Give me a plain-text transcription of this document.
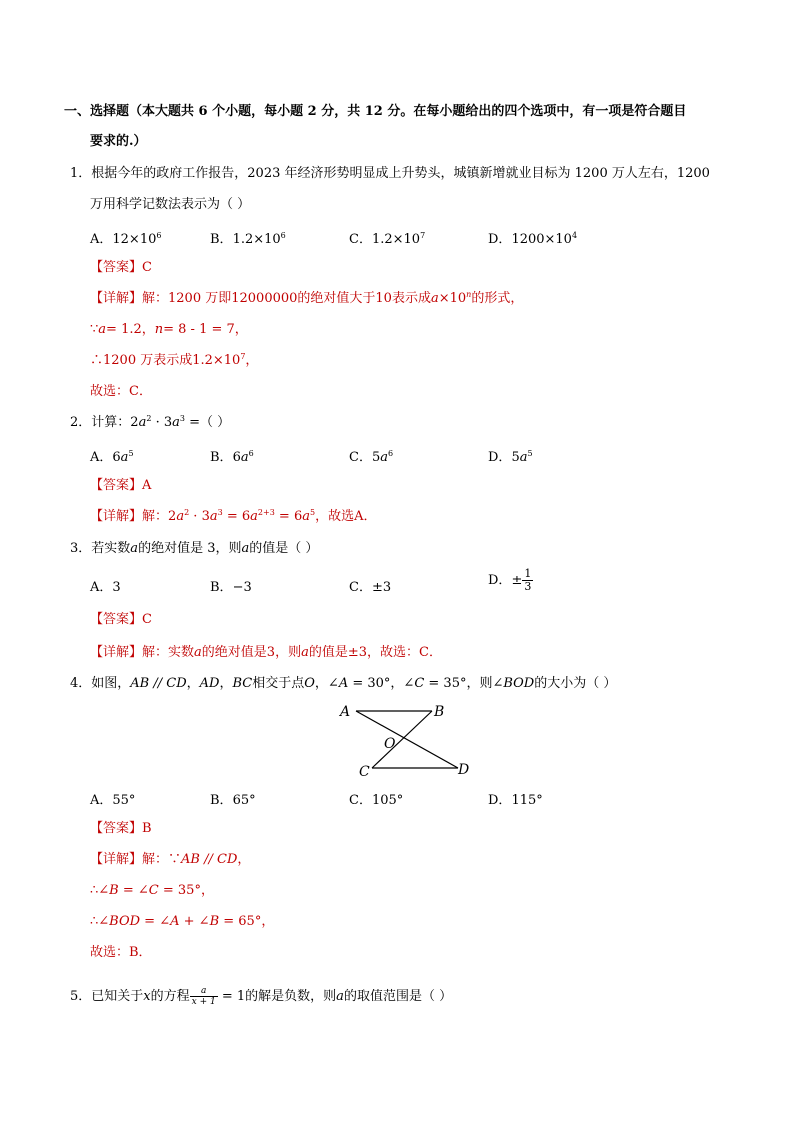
一、选择题（本大题共 6 个小题，每小题 2 分，共 12 分。在每小题给出的四个选项中，有一项是符合题目
要求的.）
1．根据今年的政府工作报告，2023 年经济形势明显成上升势头，城镇新增就业目标为 1200 万人左右，1200
万用科学记数法表示为（ ）
A．$12\times 10^6$	B．$1.2\times 10^6$	C．$1.2\times 10^7$	D．$1200\times 10^4$
【答案】C
【详解】解：1200 万即12000000的绝对值大于10表示成$a\times 10^n$的形式，
∵a= 1.2，n= 8 - 1 = 7，
∴1200 万表示成$1.2\times 10^7$，
故选：C．
2．计算：$2a^2 \cdot 3a^3$ =（ ）
A．$6a^5$	B．$6a^6$	C．$5a^6$	D．$5a^5$
【答案】A
【详解】解：$2a^2 \cdot 3a^3 = 6a^{2+3} = 6a^5$，故选A．
3．若实数a的绝对值是 3，则a的值是（ ）
A．3	B．−3	C．±3	D．± $\frac{1}{3}$
【答案】C
【详解】解：实数a的绝对值是3，则a的值是±3，故选：C．
4．如图，AB // CD，AD，BC相交于点O，∠A = 30°，∠C = 35°，则∠BOD的大小为（ ）
A	B
O
C	D
A．55°	B．65°	C．105°	D．115°
【答案】B
【详解】解：∵AB // CD，
∴∠B = ∠C = 35°，
∴∠BOD = ∠A + ∠B = 65°，
故选：B．
5．已知关于x的方程 $\frac{a}{x + 1} = 1$的解是负数，则a的取值范围是（ ）
